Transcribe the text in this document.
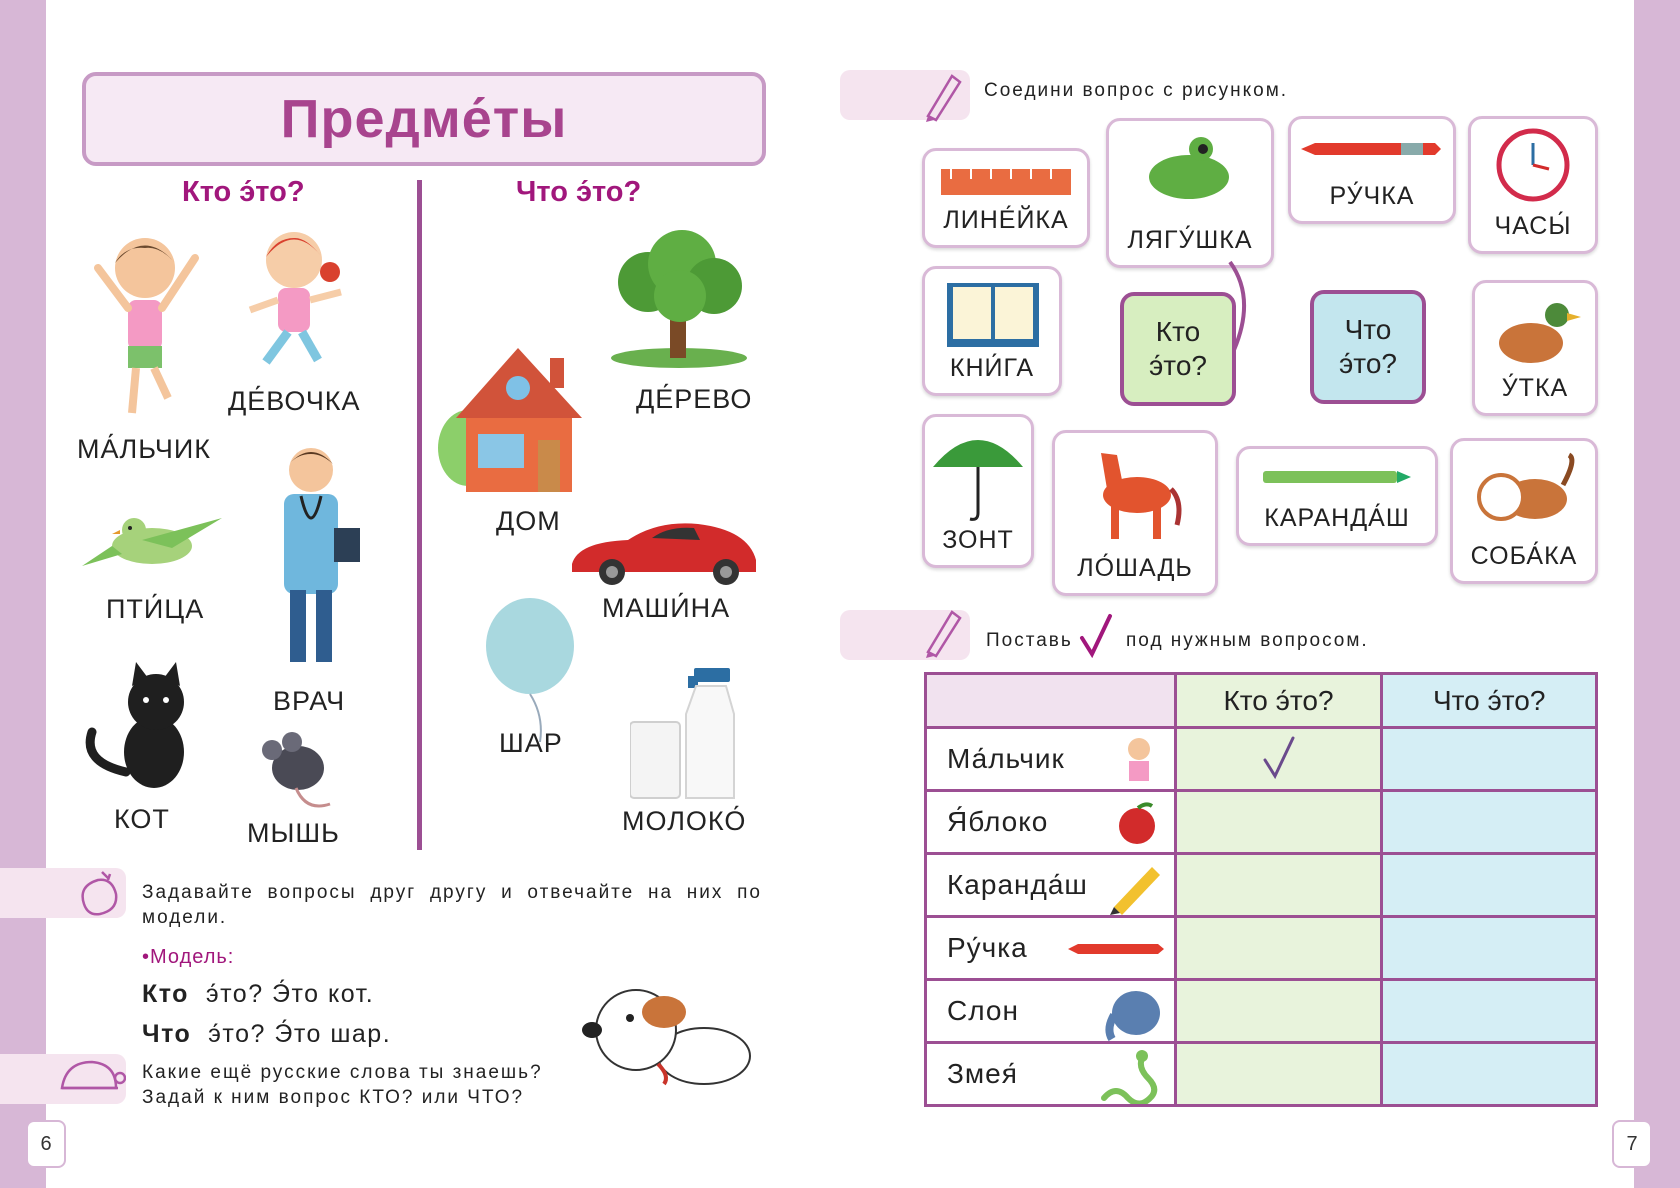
Предме́ты
Кто э́то?	Что э́то?
ДЕ́ВОЧКА
МА́ЛЬЧИК
ПТИ́ЦА
ВРАЧ
КОТ	МЫШЬ
ДЕ́РЕВО
ДОМ
МАШИ́НА
ШАР
МОЛОКО́
Задавайте вопросы друг другу и отвечайте на них по модели.
•Модель:
Кто э́то? Э́то кот.
Что э́то? Э́то шар.
Какие ещё русские слова ты знаешь?
Задай к ним вопрос КТО? или ЧТО?
6
Соедини вопрос с рисунком.
ЛИНЕ́ЙКА
ЛЯГУ́ШКА
РУ́ЧКА
ЧАСЫ́
КНИ́ГА
Кто
э́то?
Что
э́то?
У́ТКА
ЗОНТ
ЛО́ШАДЬ
КАРАНДА́Ш
СОБА́КА
Поставь	под нужным вопросом.
	Кто э́то?	Что э́то?
Ма́льчик

Я́блоко

Каранда́ш

Ру́чка

Слон

Змея́

7
